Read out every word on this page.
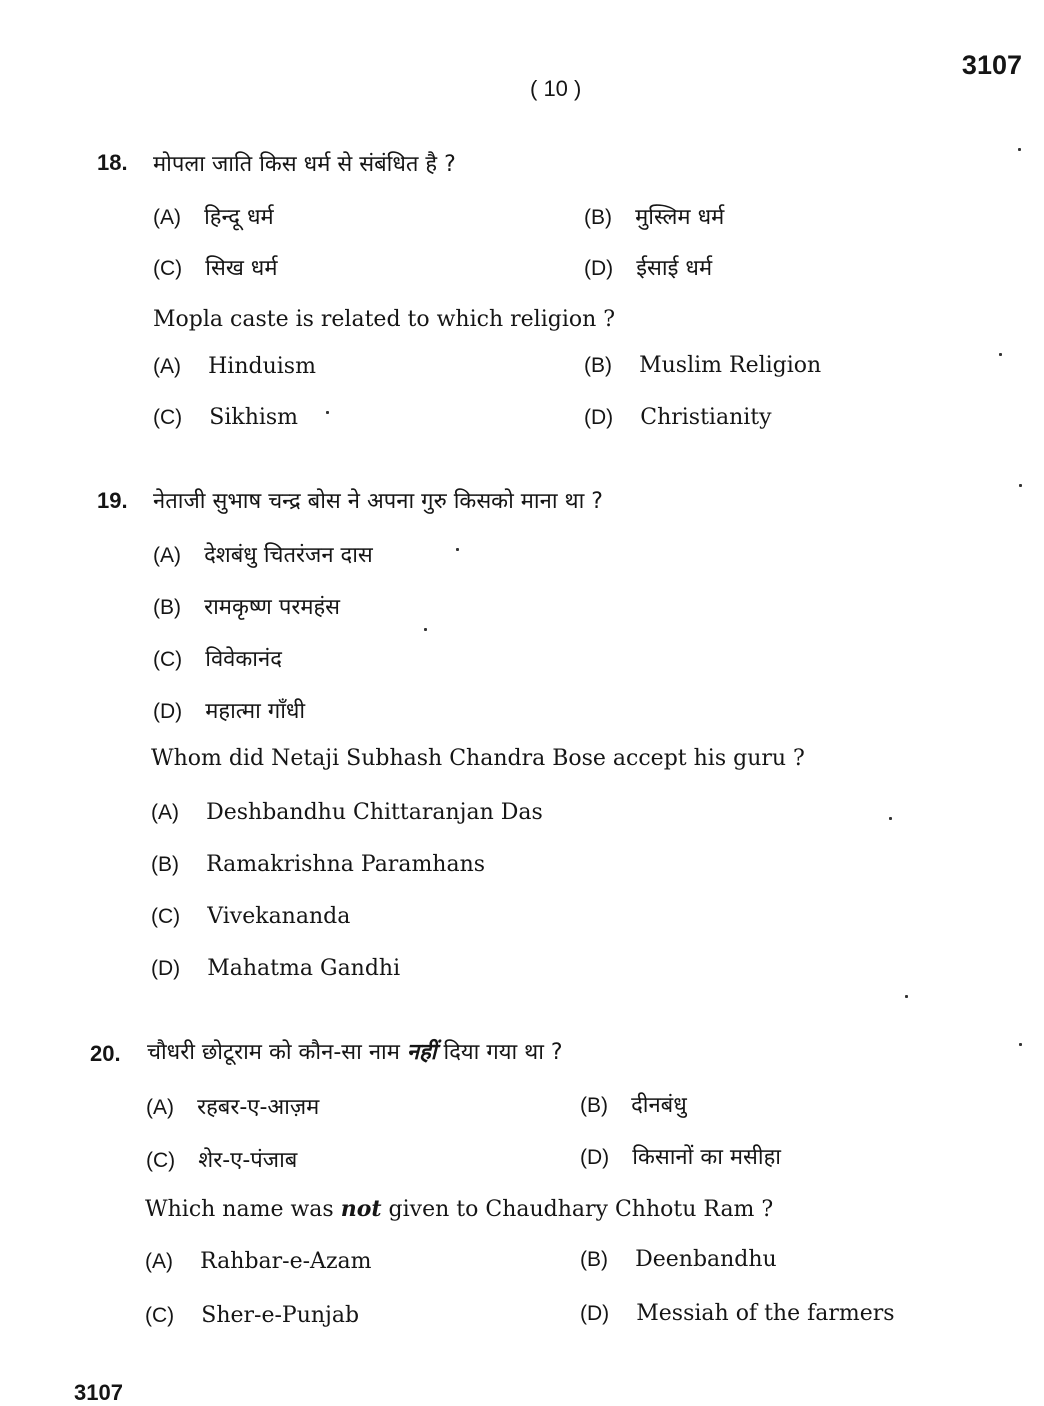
3107
( 10 )
18. मोपला जाति किस धर्म से संबंधित है ?
(A) हिन्दू धर्म	(B) मुस्लिम धर्म
(C) सिख धर्म	(D) ईसाई धर्म
Mopla caste is related to which religion ?
(A) Hinduism	(B) Muslim Religion
(C) Sikhism	(D) Christianity
19. नेताजी सुभाष चन्द्र बोस ने अपना गुरु किसको माना था ?
(A) देशबंधु चितरंजन दास
(B) रामकृष्ण परमहंस
(C) विवेकानंद
(D) महात्मा गाँधी
Whom did Netaji Subhash Chandra Bose accept his guru ?
(A) Deshbandhu Chittaranjan Das
(B) Ramakrishna Paramhans
(C) Vivekananda
(D) Mahatma Gandhi
20. चौधरी छोटूराम को कौन-सा नाम नहीं दिया गया था ?
(A) रहबर-ए-आज़म	(B) दीनबंधु
(C) शेर-ए-पंजाब	(D) किसानों का मसीहा
Which name was not given to Chaudhary Chhotu Ram ?
(A) Rahbar-e-Azam	(B) Deenbandhu
(C) Sher-e-Punjab	(D) Messiah of the farmers
3107
